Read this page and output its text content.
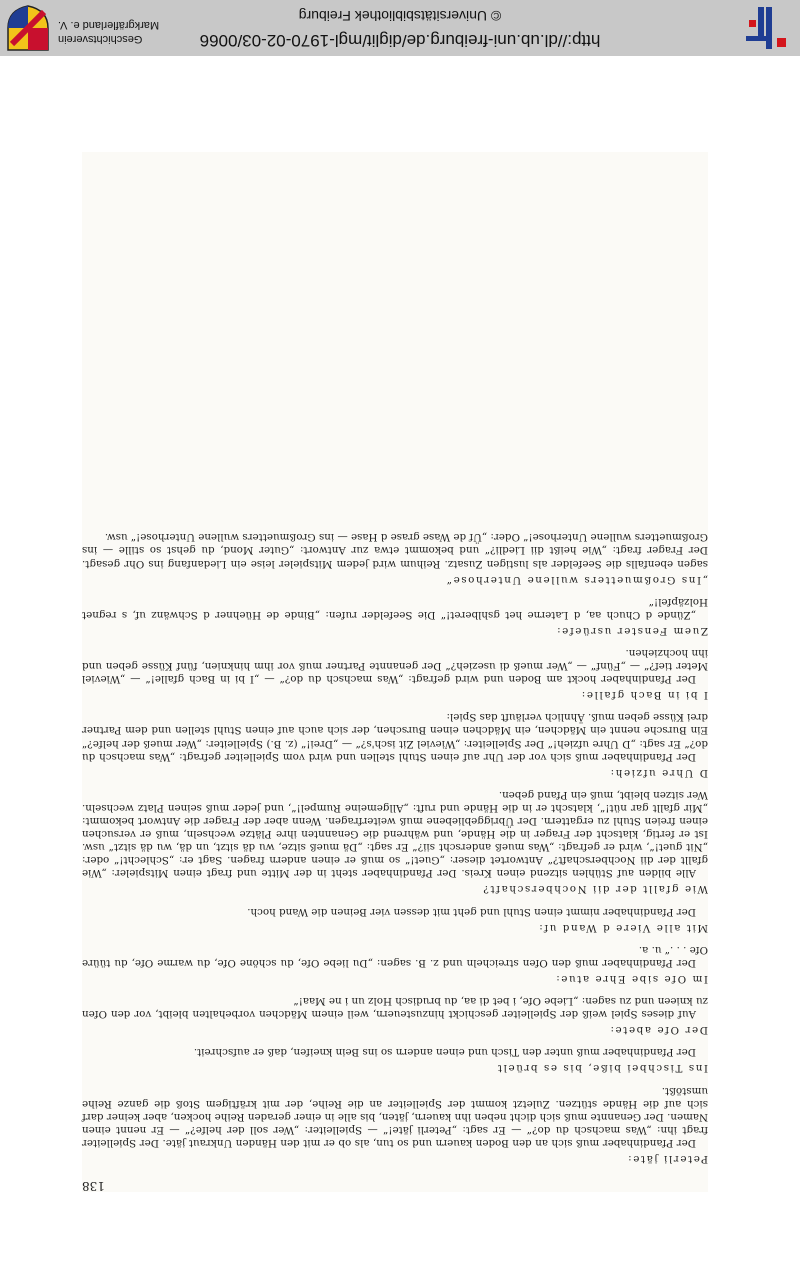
138
Peterli jäte:

Der Pfandinhaber muß sich an den Boden kauern und so tun, als ob er mit den Händen Unkraut jäte. Der Spielleiter fragt ihn: „Was machsch du do?“ — Er sagt: „Peterli jäte!“ — Spielleiter: „Wer soll der helfe?“ — Er nennt einen Namen. Der Genannte muß sich dicht neben ihn kauern, jäten, bis alle in einer geraden Reihe hocken, aber keiner darf sich auf die Hände stützen. Zuletzt kommt der Spielleiter an die Reihe, der mit kräftigem Stoß die ganze Reihe umstößt.

Ins Tischbei biße, bis es brüelt

Der Pfandinhaber muß unter den Tisch und einen andern so ins Bein kneifen, daß er aufschreit.

Der Ofe abete:

Auf dieses Spiel weiß der Spielleiter geschickt hinzusteuern, weil einem Mädchen vorbehalten bleibt, vor den Ofen zu knieen und zu sagen: „Liebe Ofe, i bet di aa, du brudisch Holz un i ne Maa!“

Im Ofe sibe Ehre atue:

Der Pfandinhaber muß den Ofen streicheln und z. B. sagen: „Du liebe Ofe, du schöne Ofe, du warme Ofe, du tüüre Ofe . . .“ u. a.

Mit alle Viere d Wand uf:

Der Pfandinhaber nimmt einen Stuhl und geht mit dessen vier Beinen die Wand hoch.

Wie gfallt der dii Nochberschaft?

Alle bilden auf Stühlen sitzend einen Kreis. Der Pfandinhaber steht in der Mitte und fragt einen Mitspieler: „Wie gfallt der dii Nochberschaft?“ Antwortet dieser: „Guet!“ so muß er einen andern fragen. Sagt er: „Schlecht!“ oder: „Nit guet!“, wird er gefragt: „Was mueß anderscht sii?“ Er sagt: „Dä mueß sitze, wu dä sitzt, un dä, wu dä sitzt“ usw. Ist er fertig, klatscht der Frager in die Hände, und während die Genannten ihre Plätze wechseln, muß er versuchen einen freien Stuhl zu ergattern. Der Übriggebliebene muß weiterfragen. Wenn aber der Frager die Antwort bekommt: „Mir gfallt gar nüt!“, klatscht er in die Hände und ruft: „Allgemeine Rumpel!“, und jeder muß seinen Platz wechseln. Wer sitzen bleibt, muß ein Pfand geben.

D Uhre ufzieh:

Der Pfandinhaber muß sich vor der Uhr auf einen Stuhl stellen und wird vom Spielleiter gefragt: „Was machsch du do?“ Er sagt: „D Uhre ufzieh!“ Der Spielleiter: „Wieviel Zit isch's?“ — „Drei!“ (z. B.) Spielleiter: „Wer mueß der helfe?“ Ein Bursche nennt ein Mädchen, ein Mädchen einen Burschen, der sich auch auf einen Stuhl stellen und dem Partner drei Küsse geben muß. Ähnlich verläuft das Spiel:

I bi in Bach gfalle:

Der Pfandinhaber hockt am Boden und wird gefragt: „Was machsch du do?“ — „I bi in Bach gfalle!“ — „Wieviel Meter tief?“ — „Fünf“ — „Wer mueß di usezieh?“ Der genannte Partner muß vor ihm hinknien, fünf Küsse geben und ihn hochziehen.

Zuem Fenster usrüefe:

„Zünde d Chuch aa, d Laterne het gshlberet!“ Die Seefelder rufen: „Binde de Hüehner d Schwänz uf, s regnet Holzäpfel!“

„Ins Großmuetters wullene Unterhose“

sagen ebenfalls die Seefelder als lustigen Zusatz. Reihum wird jedem Mitspieler leise ein Liedanfang ins Ohr gesagt. Der Frager fragt: „Wie heißt dii Liedli?“ und bekommt etwa zur Antwort: „Guter Mond, du gehst so stille — ins Großmuetters wullene Unterhose!“ Oder: „Üf de Wase grase d Hase — ins Großmuetters wullene Unterhose!“ usw.

http://dl.ub.uni-freiburg.de/diglit/mgl-1970-02-03/0066
© Universitätsbibliothek Freiburg
Geschichtsverein
Markgräflerland e. V.
